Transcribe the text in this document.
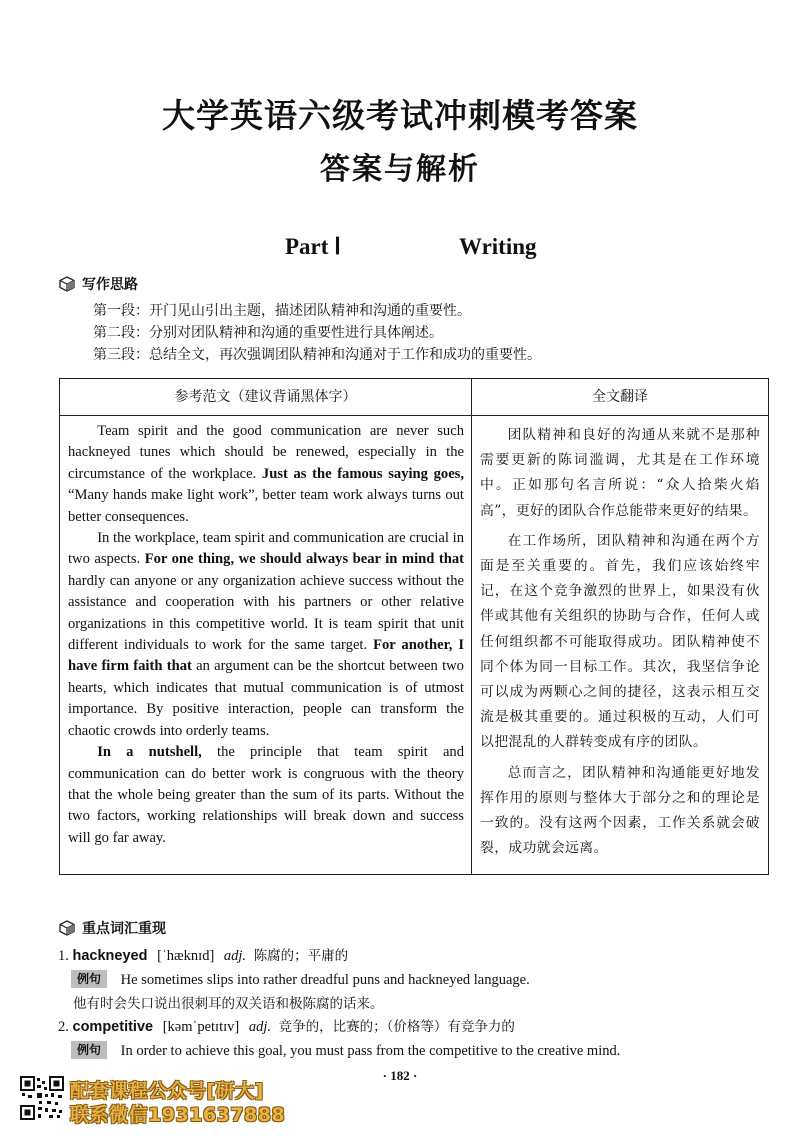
大学英语六级考试冲刺模考答案
答案与解析
Part Ⅰ	Writing
写作思路
第一段：开门见山引出主题，描述团队精神和沟通的重要性。
第二段：分别对团队精神和沟通的重要性进行具体阐述。
第三段：总结全文，再次强调团队精神和沟通对于工作和成功的重要性。
参考范文（建议背诵黑体字）	全文翻译

Team spirit and the good communication are never such hackneyed tunes which should be renewed, especially in the circumstance of the workplace. Just as the famous saying goes, “Many hands make light work”, better team work always turns out better consequences.

In the workplace, team spirit and communication are crucial in two aspects. For one thing, we should always bear in mind that hardly can anyone or any organization achieve success without the assistance and cooperation with his partners or other relative organizations in this competitive world. It is team spirit that unit different individuals to work for the same target. For another, I have firm faith that an argument can be the shortcut between two hearts, which indicates that mutual communication is of utmost importance. By positive interaction, people can transform the chaotic crowds into orderly teams.

In a nutshell, the principle that team spirit and communication can do better work is congruous with the theory that the whole being greater than the sum of its parts. Without the two factors, working relationships will break down and success will go far away.

团队精神和良好的沟通从来就不是那种需要更新的陈词滥调，尤其是在工作环境中。正如那句名言所说：“众人拾柴火焰高”，更好的团队合作总能带来更好的结果。

在工作场所，团队精神和沟通在两个方面是至关重要的。首先，我们应该始终牢记，在这个竞争激烈的世界上，如果没有伙伴或其他有关组织的协助与合作，任何人或任何组织都不可能取得成功。团队精神使不同个体为同一目标工作。其次，我坚信争论可以成为两颗心之间的捷径，这表示相互交流是极其重要的。通过积极的互动，人们可以把混乱的人群转变成有序的团队。

总而言之，团队精神和沟通能更好地发挥作用的原则与整体大于部分之和的理论是一致的。没有这两个因素，工作关系就会破裂，成功就会远离。

重点词汇重现
1. hackneyed [ˈhæknɪd] adj. 陈腐的；平庸的
例句 He sometimes slips into rather dreadful puns and hackneyed language.
他有时会失口说出很刺耳的双关语和极陈腐的话来。
2. competitive [kəmˈpetɪtɪv] adj. 竞争的，比赛的；（价格等）有竞争力的
例句 In order to achieve this goal, you must pass from the competitive to the creative mind.
· 182 ·
配套课程公众号[研大]
联系微信1931637888
